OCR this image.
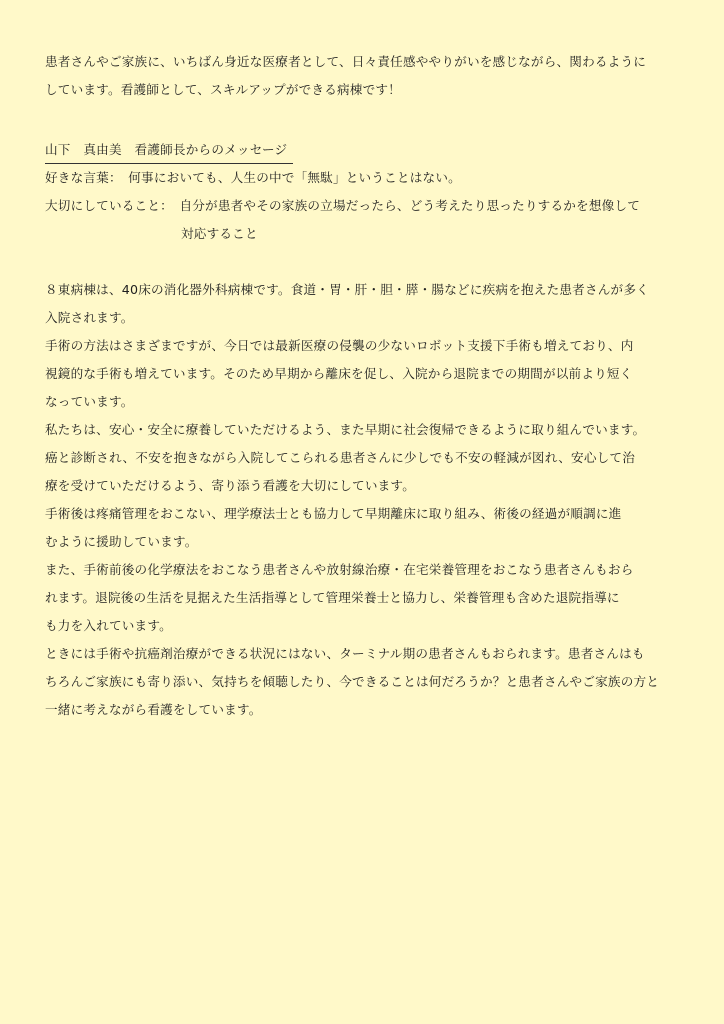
患者さんやご家族に、いちばん身近な医療者として、日々責任感ややりがいを感じながら、関わるように
しています。看護師として、スキルアップができる病棟です！
山下　真由美　看護師長からのメッセージ
好きな言葉：　 何事においても、人生の中で「無駄」ということはない。
大切にしていること：　 自分が患者やその家族の立場だったら、どう考えたり思ったりするかを想像して
対応すること
８東病棟は、40床の消化器外科病棟です。食道・胃・肝・胆・膵・腸などに疾病を抱えた患者さんが多く
入院されます。
手術の方法はさまざまですが、今日では最新医療の侵襲の少ないロボット支援下手術も増えており、内
視鏡的な手術も増えています。そのため早期から離床を促し、入院から退院までの期間が以前より短く
なっています。
私たちは、安心・安全に療養していただけるよう、また早期に社会復帰できるように取り組んでいます。
癌と診断され、不安を抱きながら入院してこられる患者さんに少しでも不安の軽減が図れ、安心して治
療を受けていただけるよう、寄り添う看護を大切にしています。
手術後は疼痛管理をおこない、理学療法士とも協力して早期離床に取り組み、術後の経過が順調に進
むように援助しています。
また、手術前後の化学療法をおこなう患者さんや放射線治療・在宅栄養管理をおこなう患者さんもおら
れます。退院後の生活を見据えた生活指導として管理栄養士と協力し、栄養管理も含めた退院指導に
も力を入れています。
ときには手術や抗癌剤治療ができる状況にはない、ターミナル期の患者さんもおられます。患者さんはも
ちろんご家族にも寄り添い、気持ちを傾聴したり、今できることは何だろうか？と患者さんやご家族の方と
一緒に考えながら看護をしています。
